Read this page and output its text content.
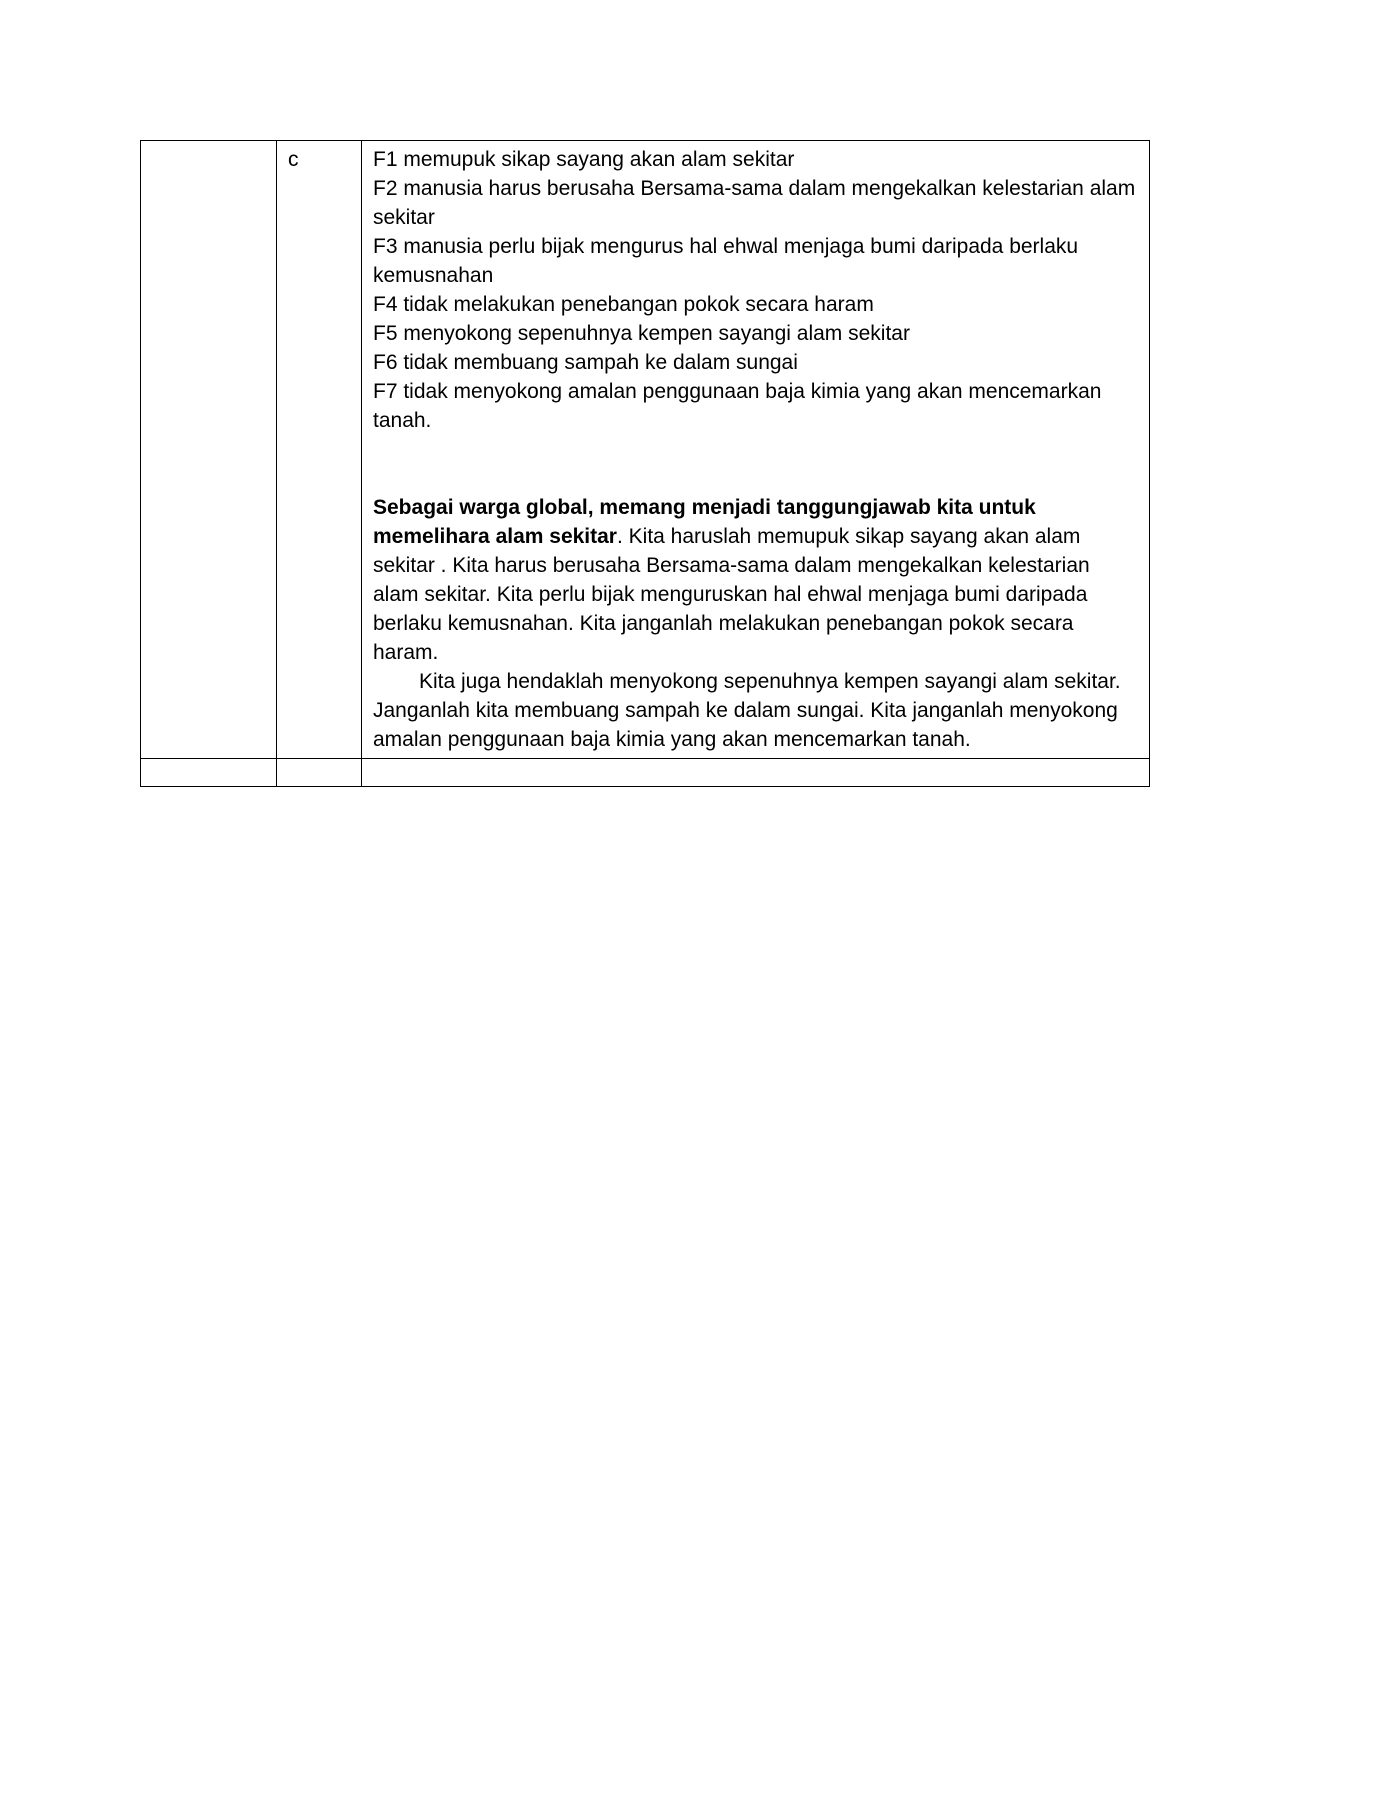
	c	F1 memupuk sikap sayang akan alam sekitar
F2 manusia harus berusaha Bersama-sama dalam mengekalkan kelestarian alam sekitar
F3 manusia perlu bijak mengurus hal ehwal menjaga bumi daripada berlaku kemusnahan
F4 tidak melakukan penebangan pokok secara haram
F5 menyokong sepenuhnya kempen sayangi alam sekitar
F6 tidak membuang sampah ke dalam sungai
F7 tidak menyokong amalan penggunaan baja kimia yang akan mencemarkan tanah.
Sebagai warga global, memang menjadi tanggungjawab kita untuk memelihara alam sekitar. Kita haruslah memupuk sikap sayang akan alam sekitar . Kita harus berusaha Bersama-sama dalam mengekalkan kelestarian alam sekitar. Kita perlu bijak menguruskan hal ehwal menjaga bumi daripada berlaku kemusnahan. Kita janganlah melakukan penebangan pokok secara haram.
Kita juga hendaklah menyokong sepenuhnya kempen sayangi alam sekitar. Janganlah kita membuang sampah ke dalam sungai. Kita janganlah menyokong amalan penggunaan baja kimia yang akan mencemarkan tanah.
